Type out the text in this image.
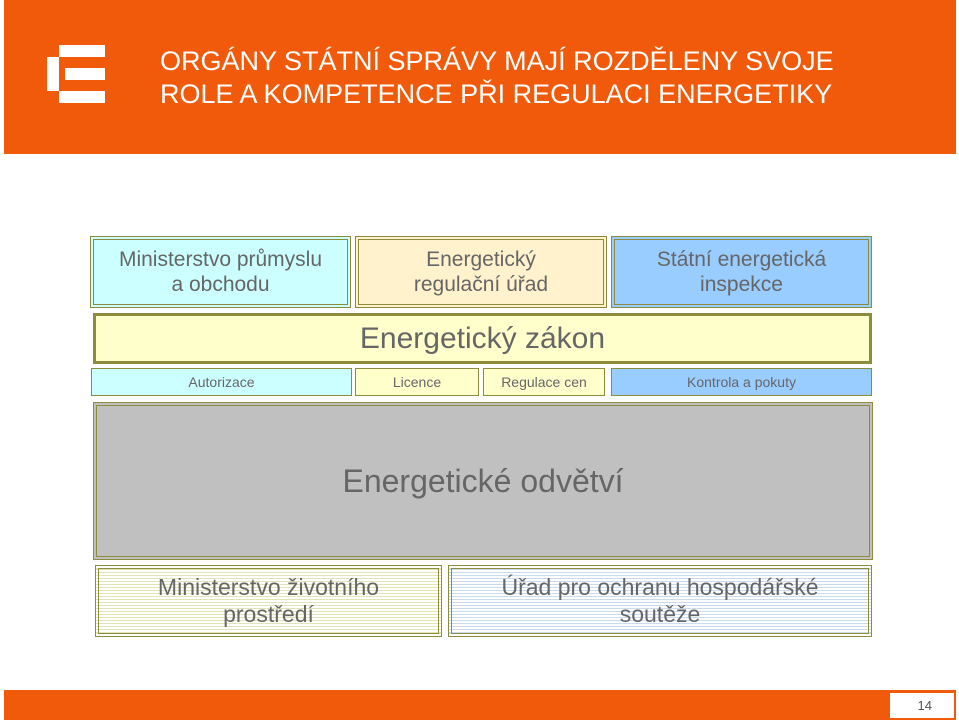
ORGÁNY STÁTNÍ SPRÁVY MAJÍ ROZDĚLENY SVOJE
ROLE A KOMPETENCE PŘI REGULACI ENERGETIKY
Ministerstvo průmyslu
a obchodu
Energetický
regulační úřad
Státní energetická
inspekce
Energetický zákon
Autorizace	Licence	Regulace cen	Kontrola a pokuty
Energetické odvětví
Ministerstvo životního
prostředí
Úřad pro ochranu hospodářské
soutěže
14
